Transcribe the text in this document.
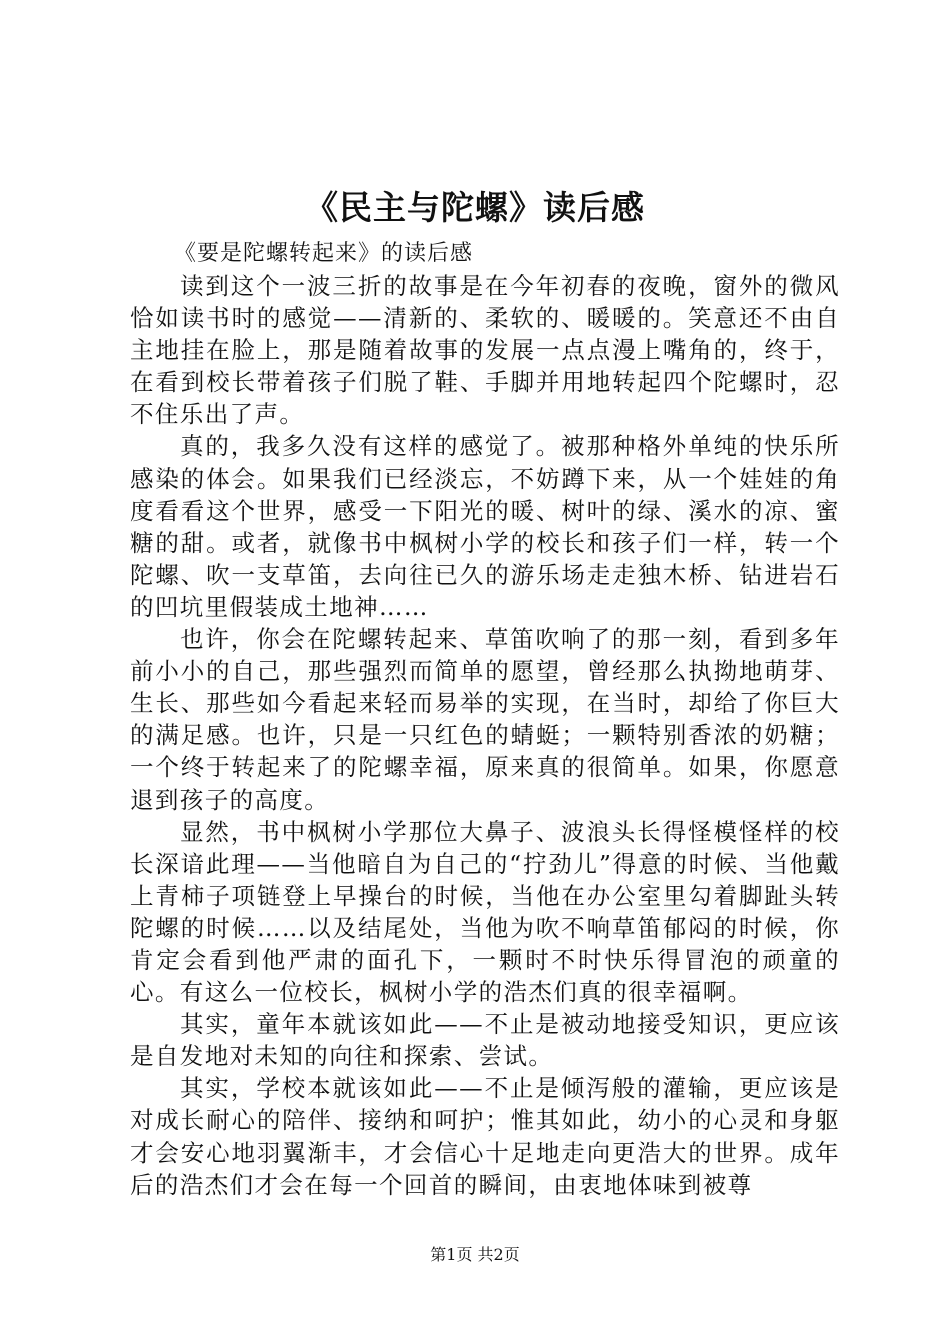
《民主与陀螺》读后感

《要是陀螺转起来》的读后感

读到这个一波三折的故事是在今年初春的夜晚，窗外的微风恰如读书时的感觉——清新的、柔软的、暖暖的。笑意还不由自主地挂在脸上，那是随着故事的发展一点点漫上嘴角的，终于，在看到校长带着孩子们脱了鞋、手脚并用地转起四个陀螺时，忍不住乐出了声。

真的，我多久没有这样的感觉了。被那种格外单纯的快乐所感染的体会。如果我们已经淡忘，不妨蹲下来，从一个娃娃的角度看看这个世界，感受一下阳光的暖、树叶的绿、溪水的凉、蜜糖的甜。或者，就像书中枫树小学的校长和孩子们一样，转一个陀螺、吹一支草笛，去向往已久的游乐场走走独木桥、钻进岩石的凹坑里假装成土地神……

也许，你会在陀螺转起来、草笛吹响了的那一刻，看到多年前小小的自己，那些强烈而简单的愿望，曾经那么执拗地萌芽、生长、那些如今看起来轻而易举的实现，在当时，却给了你巨大的满足感。也许，只是一只红色的蜻蜓；一颗特别香浓的奶糖；一个终于转起来了的陀螺幸福，原来真的很简单。如果，你愿意退到孩子的高度。

显然，书中枫树小学那位大鼻子、波浪头长得怪模怪样的校长深谙此理——当他暗自为自己的“拧劲儿”得意的时候、当他戴上青柿子项链登上早操台的时候，当他在办公室里勾着脚趾头转陀螺的时候……以及结尾处，当他为吹不响草笛郁闷的时候，你肯定会看到他严肃的面孔下，一颗时不时快乐得冒泡的顽童的心。有这么一位校长，枫树小学的浩杰们真的很幸福啊。

其实，童年本就该如此——不止是被动地接受知识，更应该是自发地对未知的向往和探索、尝试。

其实，学校本就该如此——不止是倾泻般的灌输，更应该是对成长耐心的陪伴、接纳和呵护；惟其如此，幼小的心灵和身躯才会安心地羽翼渐丰，才会信心十足地走向更浩大的世界。成年后的浩杰们才会在每一个回首的瞬间，由衷地体味到被尊

第1页 共2页
